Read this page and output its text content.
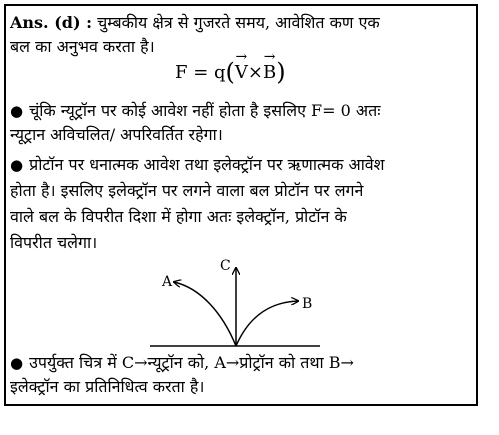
Ans. (d) : चुम्बकीय क्षेत्र से गुजरते समय, आवेशित कण एक
बल का अनुभव करता है।
F = q(→ V×→ B)
● चूंकि न्यूट्रॉन पर कोई आवेश नहीं होता है इसलिए F= 0 अतः
न्यूट्रान अविचलित/ अपरिवर्तित रहेगा।
● प्रोटॉन पर धनात्मक आवेश तथा इलेक्ट्रॉन पर ऋणात्मक आवेश
होता है। इसलिए इलेक्ट्रॉन पर लगने वाला बल प्रोटॉन पर लगने
वाले बल के विपरीत दिशा में होगा अतः इलेक्ट्रॉन, प्रोटॉन के
विपरीत चलेगा।
A
C
B
● उपर्युक्त चित्र में C→न्यूट्रॉन को, A→प्रोट्रॉन को तथा B→
इलेक्ट्रॉन का प्रतिनिधित्व करता है।
